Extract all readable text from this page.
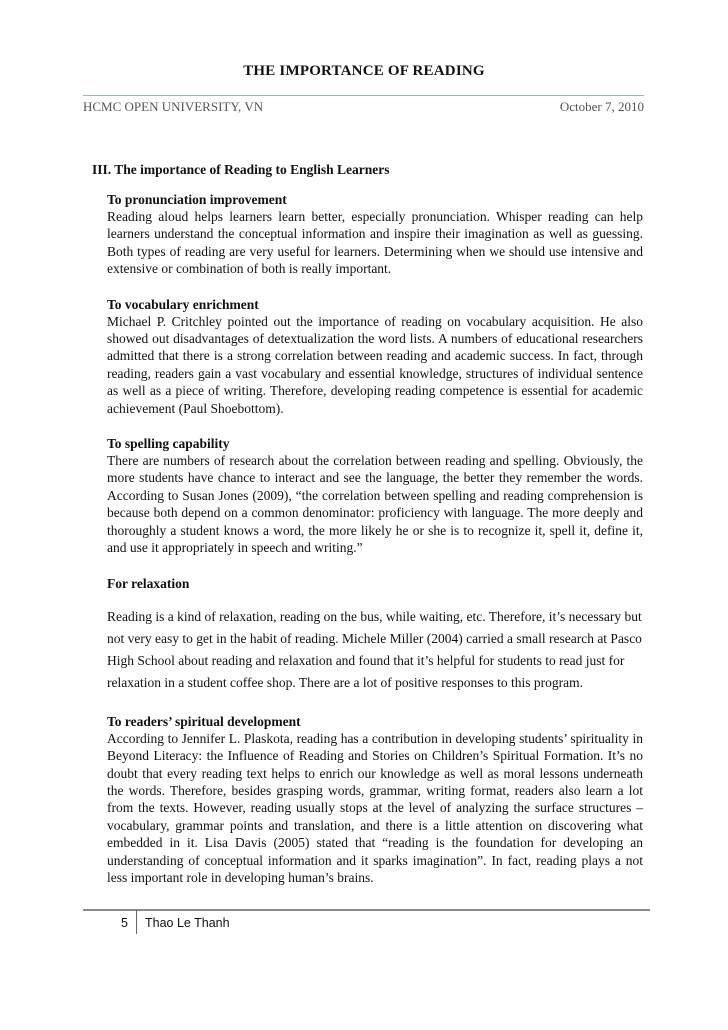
THE IMPORTANCE OF READING
HCMC OPEN UNIVERSITY, VN	October 7, 2010
III. The importance of Reading to English Learners
To pronunciation improvement
Reading aloud helps learners learn better, especially pronunciation. Whisper reading can help learners understand the conceptual information and inspire their imagination as well as guessing. Both types of reading are very useful for learners. Determining when we should use intensive and extensive or combination of both is really important.
To vocabulary enrichment
Michael P. Critchley pointed out the importance of reading on vocabulary acquisition. He also showed out disadvantages of detextualization the word lists. A numbers of educational researchers admitted that there is a strong correlation between reading and academic success. In fact, through reading, readers gain a vast vocabulary and essential knowledge, structures of individual sentence as well as a piece of writing. Therefore, developing reading competence is essential for academic achievement (Paul Shoebottom).
To spelling capability
There are numbers of research about the correlation between reading and spelling. Obviously, the more students have chance to interact and see the language, the better they remember the words. According to Susan Jones (2009), “the correlation between spelling and reading comprehension is because both depend on a common denominator: proficiency with language. The more deeply and thoroughly a student knows a word, the more likely he or she is to recognize it, spell it, define it, and use it appropriately in speech and writing.”
For relaxation
Reading is a kind of relaxation, reading on the bus, while waiting, etc. Therefore, it’s necessary but not very easy to get in the habit of reading. Michele Miller (2004) carried a small research at Pasco High School about reading and relaxation and found that it’s helpful for students to read just for relaxation in a student coffee shop. There are a lot of positive responses to this program.
To readers’ spiritual development
According to Jennifer L. Plaskota, reading has a contribution in developing students’ spirituality in Beyond Literacy: the Influence of Reading and Stories on Children’s Spiritual Formation. It’s no doubt that every reading text helps to enrich our knowledge as well as moral lessons underneath the words. Therefore, besides grasping words, grammar, writing format, readers also learn a lot from the texts. However, reading usually stops at the level of analyzing the surface structures – vocabulary, grammar points and translation, and there is a little attention on discovering what embedded in it. Lisa Davis (2005) stated that “reading is the foundation for developing an understanding of conceptual information and it sparks imagination”. In fact, reading plays a not less important role in developing human’s brains.
5	Thao Le Thanh
